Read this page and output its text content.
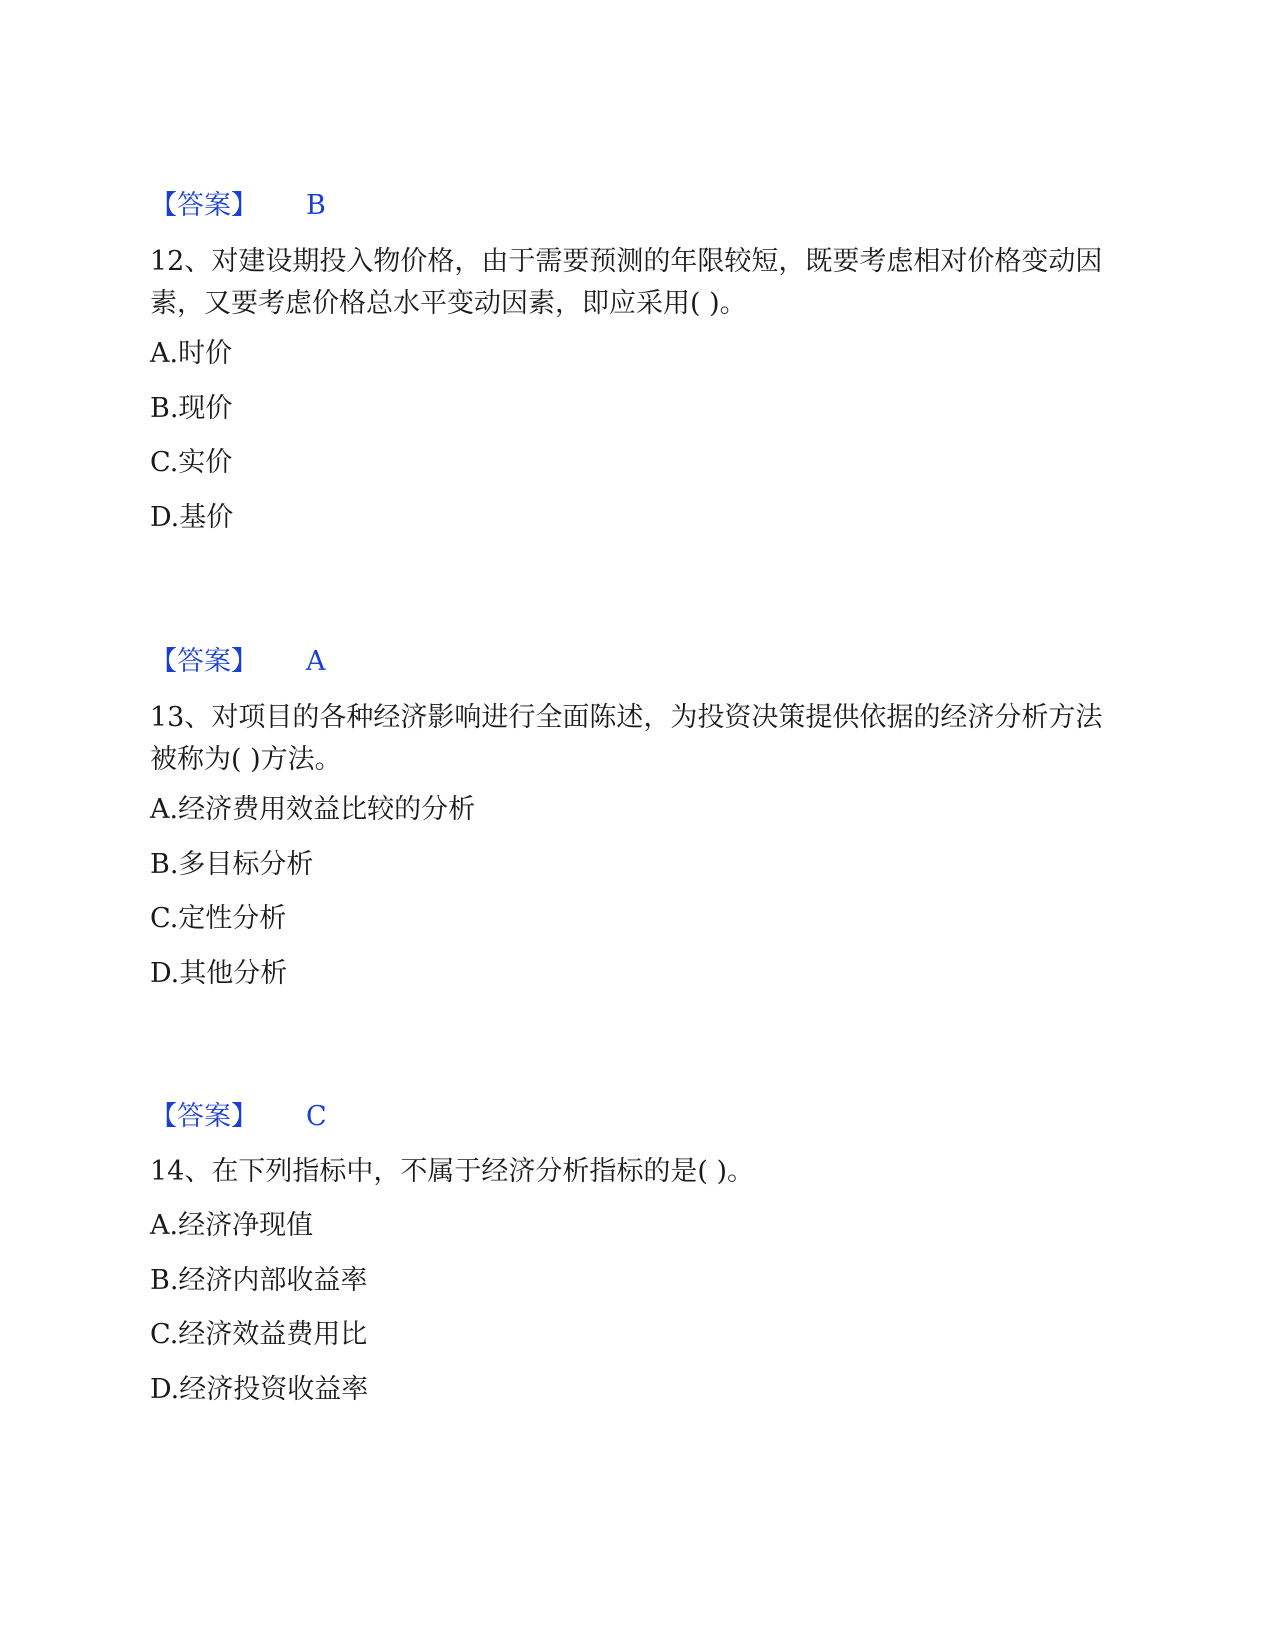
【答案】 B
12、对建设期投入物价格，由于需要预测的年限较短，既要考虑相对价格变动因素，又要考虑价格总水平变动因素，即应采用( )。
A.时价
B.现价
C.实价
D.基价
【答案】 A
13、对项目的各种经济影响进行全面陈述，为投资决策提供依据的经济分析方法被称为( )方法。
A.经济费用效益比较的分析
B.多目标分析
C.定性分析
D.其他分析
【答案】 C
14、在下列指标中，不属于经济分析指标的是( )。
A.经济净现值
B.经济内部收益率
C.经济效益费用比
D.经济投资收益率
